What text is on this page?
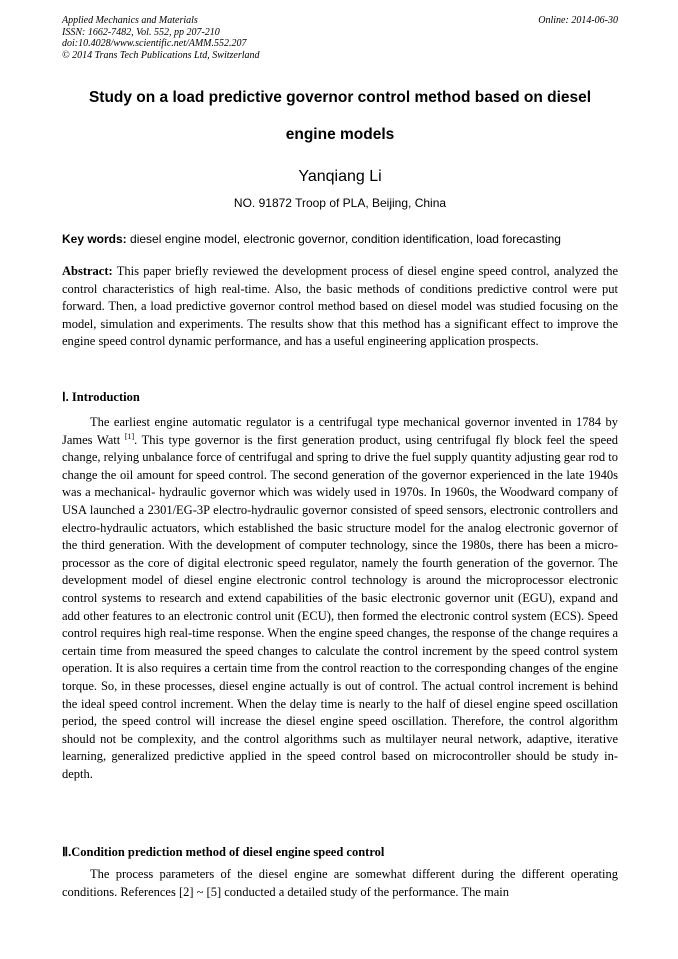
Applied Mechanics and Materials
ISSN: 1662-7482, Vol. 552, pp 207-210
doi:10.4028/www.scientific.net/AMM.552.207
© 2014 Trans Tech Publications Ltd, Switzerland
Online: 2014-06-30
Study on a load predictive governor control method based on diesel
engine models
Yanqiang Li
NO. 91872 Troop of PLA, Beijing, China
Key words: diesel engine model, electronic governor, condition identification, load forecasting
Abstract: This paper briefly reviewed the development process of diesel engine speed control, analyzed the control characteristics of high real-time. Also, the basic methods of conditions predictive control were put forward. Then, a load predictive governor control method based on diesel model was studied focusing on the model, simulation and experiments. The results show that this method has a significant effect to improve the engine speed control dynamic performance, and has a useful engineering application prospects.
Ⅰ. Introduction

The earliest engine automatic regulator is a centrifugal type mechanical governor invented in 1784 by James Watt [1]. This type governor is the first generation product, using centrifugal fly block feel the speed change, relying unbalance force of centrifugal and spring to drive the fuel supply quantity adjusting gear rod to change the oil amount for speed control. The second generation of the governor experienced in the late 1940s was a mechanical- hydraulic governor which was widely used in 1970s. In 1960s, the Woodward company of USA launched a 2301/EG-3P electro-hydraulic governor consisted of speed sensors, electronic controllers and electro-hydraulic actuators, which established the basic structure model for the analog electronic governor of the third generation. With the development of computer technology, since the 1980s, there has been a micro- processor as the core of digital electronic speed regulator, namely the fourth generation of the governor. The development model of diesel engine electronic control technology is around the microprocessor electronic control systems to research and extend capabilities of the basic electronic governor unit (EGU), expand and add other features to an electronic control unit (ECU), then formed the electronic control system (ECS). Speed control requires high real-time response. When the engine speed changes, the response of the change requires a certain time from measured the speed changes to calculate the control increment by the speed control system operation. It is also requires a certain time from the control reaction to the corresponding changes of the engine torque. So, in these processes, diesel engine actually is out of control. The actual control increment is behind the ideal speed control increment. When the delay time is nearly to the half of diesel engine speed oscillation period, the speed control will increase the diesel engine speed oscillation. Therefore, the control algorithm should not be complexity, and the control algorithms such as multilayer neural network, adaptive, iterative learning, generalized predictive applied in the speed control based on microcontroller should be study in-depth.

Ⅱ.Condition prediction method of diesel engine speed control

The process parameters of the diesel engine are somewhat different during the different operating conditions. References [2] ~ [5] conducted a detailed study of the performance. The main
